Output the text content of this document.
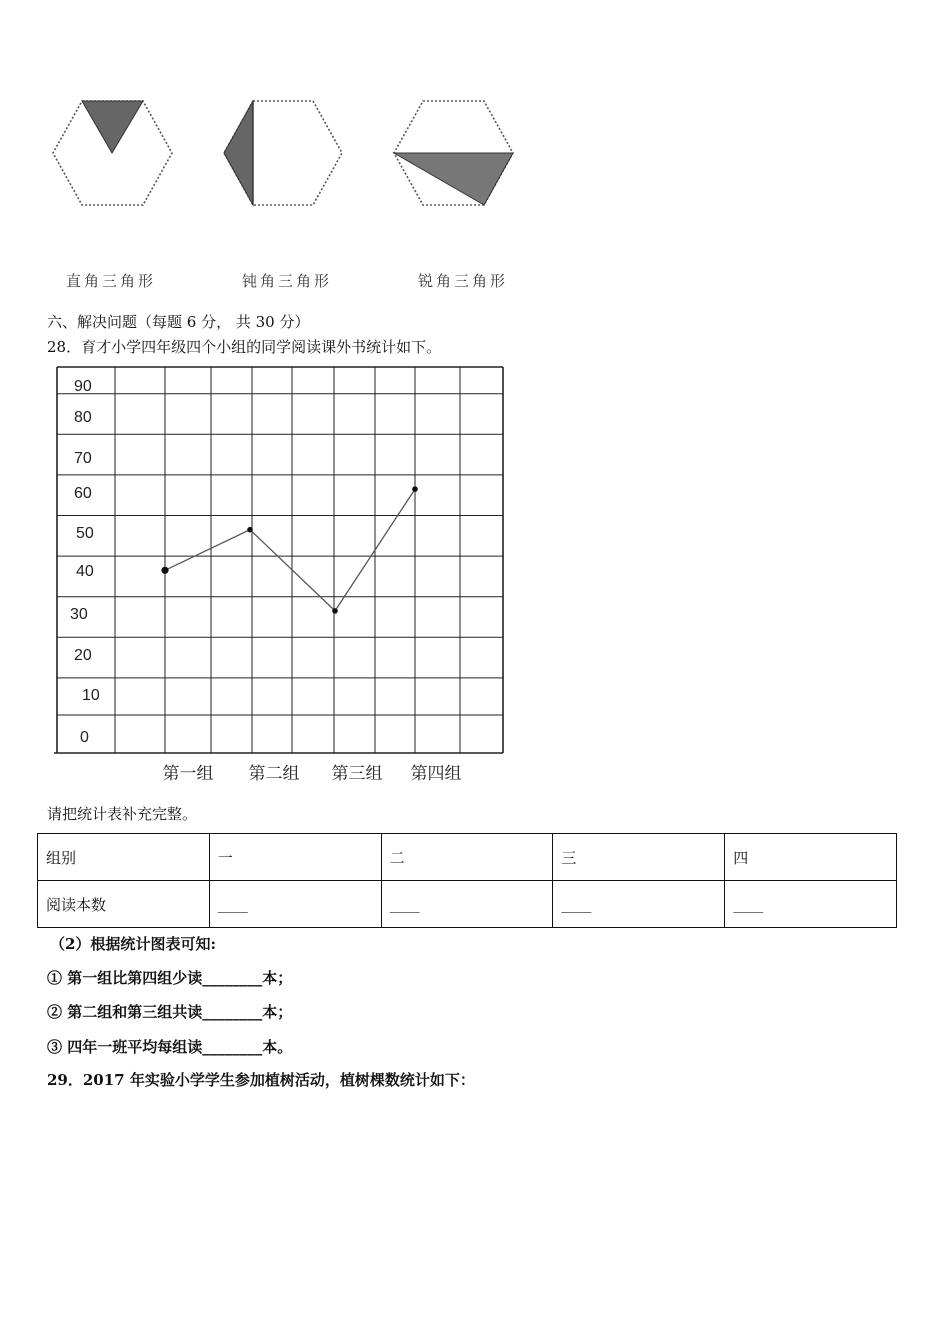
直角三角形	钝角三角形	锐角三角形
六、解决问题（每题 6 分， 共 30 分）
28．育才小学四年级四个小组的同学阅读课外书统计如下。
0
10
20
30
40
50
60
70
80
90
第一组 第二组 第三组 第四组
请把统计表补充完整。
组别	一	二	三	四
阅读本数	____	____	____	____
（2）根据统计图表可知:
① 第一组比第四组少读________本；
② 第二组和第三组共读________本；
③ 四年一班平均每组读________本。
29．2017 年实验小学学生参加植树活动，植树棵数统计如下：
